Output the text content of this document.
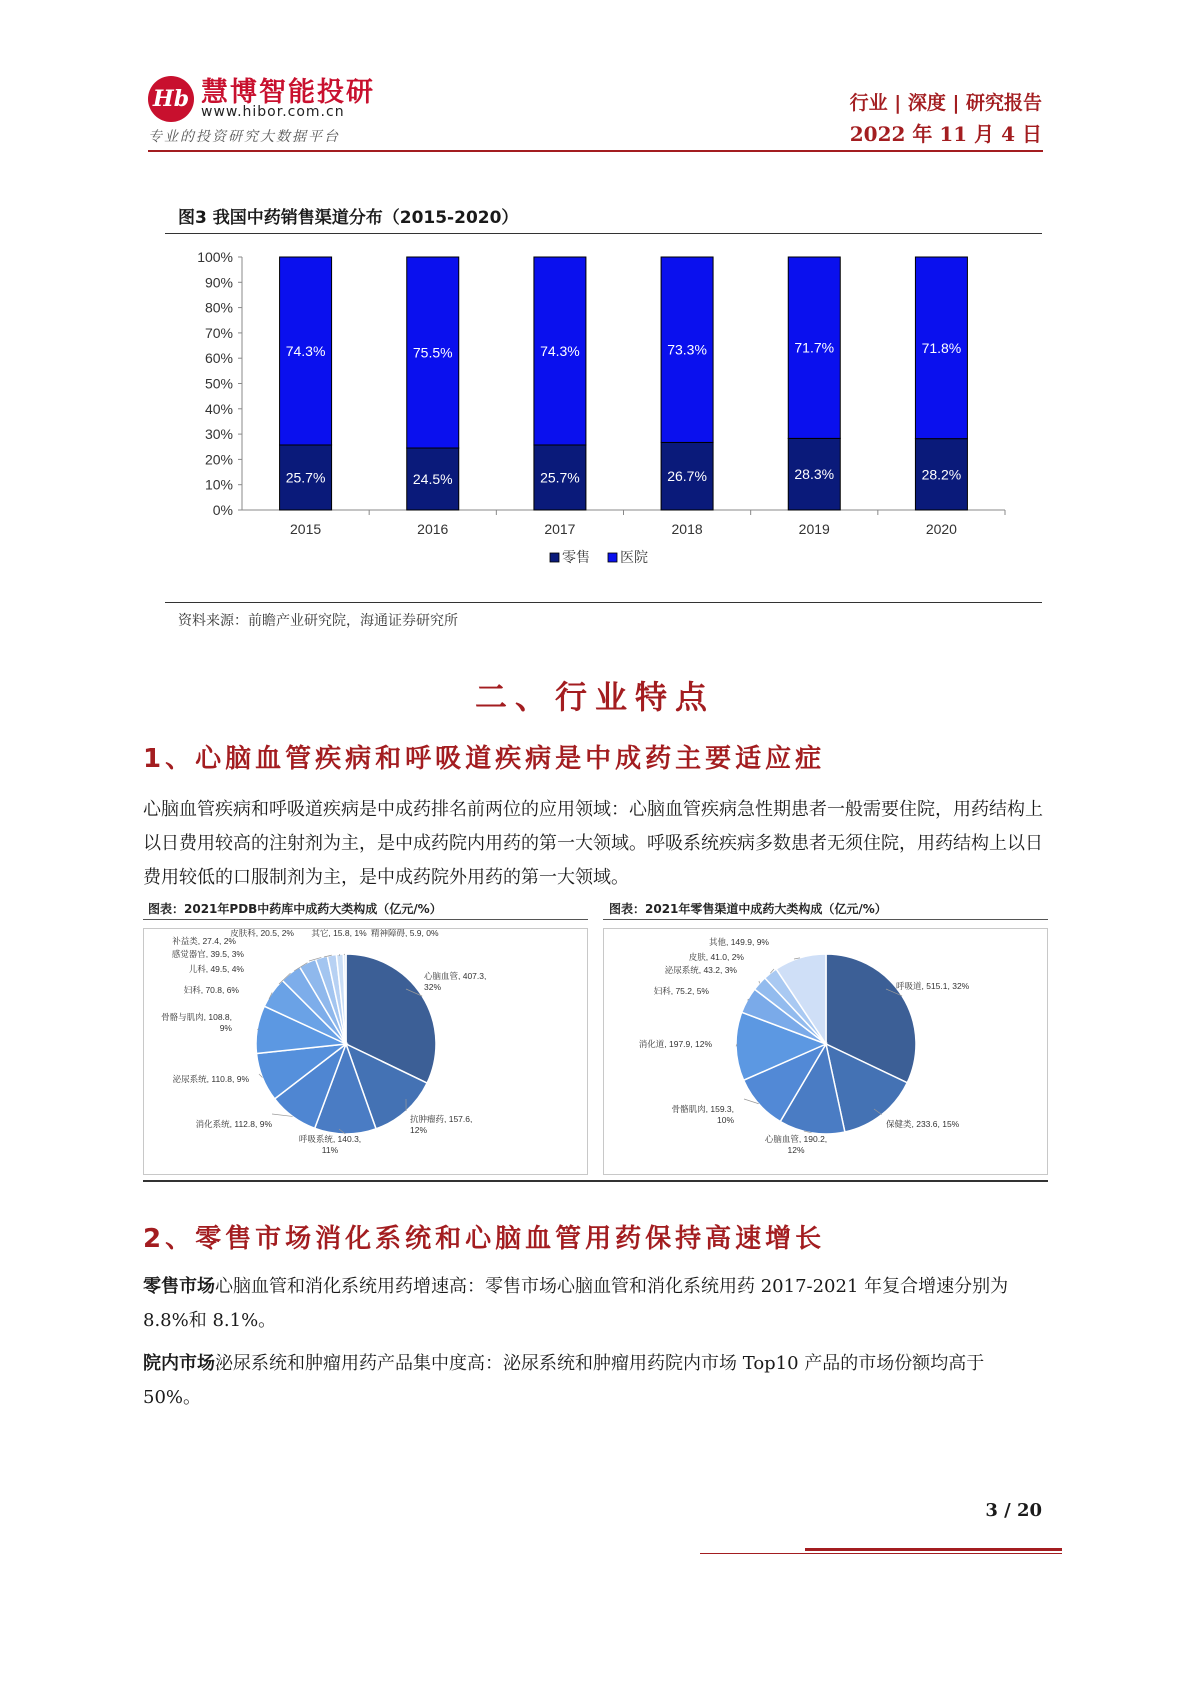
Hb 慧博智能投研
www.hibor.com.cn
专业的投资研究大数据平台
行业 | 深度 | 研究报告
2022 年 11 月 4 日
图3 我国中药销售渠道分布（2015-2020）
0%
10%
20%
30%
40%
50%
60%
70%
80%
90%
100%
25.7%
74.3%
2015
24.5%
75.5%
2016
25.7%
74.3%
2017
26.7%
73.3%
2018
28.3%
71.7%
2019
28.2%
71.8%
2020
零售 医院
资料来源：前瞻产业研究院，海通证券研究所
二、行业特点
1、心脑血管疾病和呼吸道疾病是中成药主要适应症
心脑血管疾病和呼吸道疾病是中成药排名前两位的应用领域：心脑血管疾病急性期患者一般需要住院，用药结构上以日费用较高的注射剂为主，是中成药院内用药的第一大领域。呼吸系统疾病多数患者无须住院，用药结构上以日费用较低的口服制剂为主，是中成药院外用药的第一大领域。
图表：2021年PDB中药库中成药大类构成（亿元/%）
心脑血管, 407.3,
32%
抗肿瘤药, 157.6,
12%
呼吸系统, 140.3,
11%
消化系统, 112.8, 9%
泌尿系统, 110.8, 9%
骨骼与肌肉, 108.8,
9%
妇科, 70.8, 6%
儿科, 49.5, 4%
感觉器官, 39.5, 3%
补益类, 27.4, 2%
皮肤科, 20.5, 2% 其它, 15.8, 1% 精神障碍, 5.9, 0%
图表：2021年零售渠道中成药大类构成（亿元/%）
呼吸道, 515.1, 32%
保健类, 233.6, 15%
心脑血管, 190.2,
12%
骨骼肌肉, 159.3,
10%
消化道, 197.9, 12%
妇科, 75.2, 5%
泌尿系统, 43.2, 3%
皮肤, 41.0, 2%
其他, 149.9, 9%
2、零售市场消化系统和心脑血管用药保持高速增长
零售市场心脑血管和消化系统用药增速高：零售市场心脑血管和消化系统用药 2017-2021 年复合增速分别为 8.8%和 8.1%。
院内市场泌尿系统和肿瘤用药产品集中度高：泌尿系统和肿瘤用药院内市场 Top10 产品的市场份额均高于 50%。
3 / 20
